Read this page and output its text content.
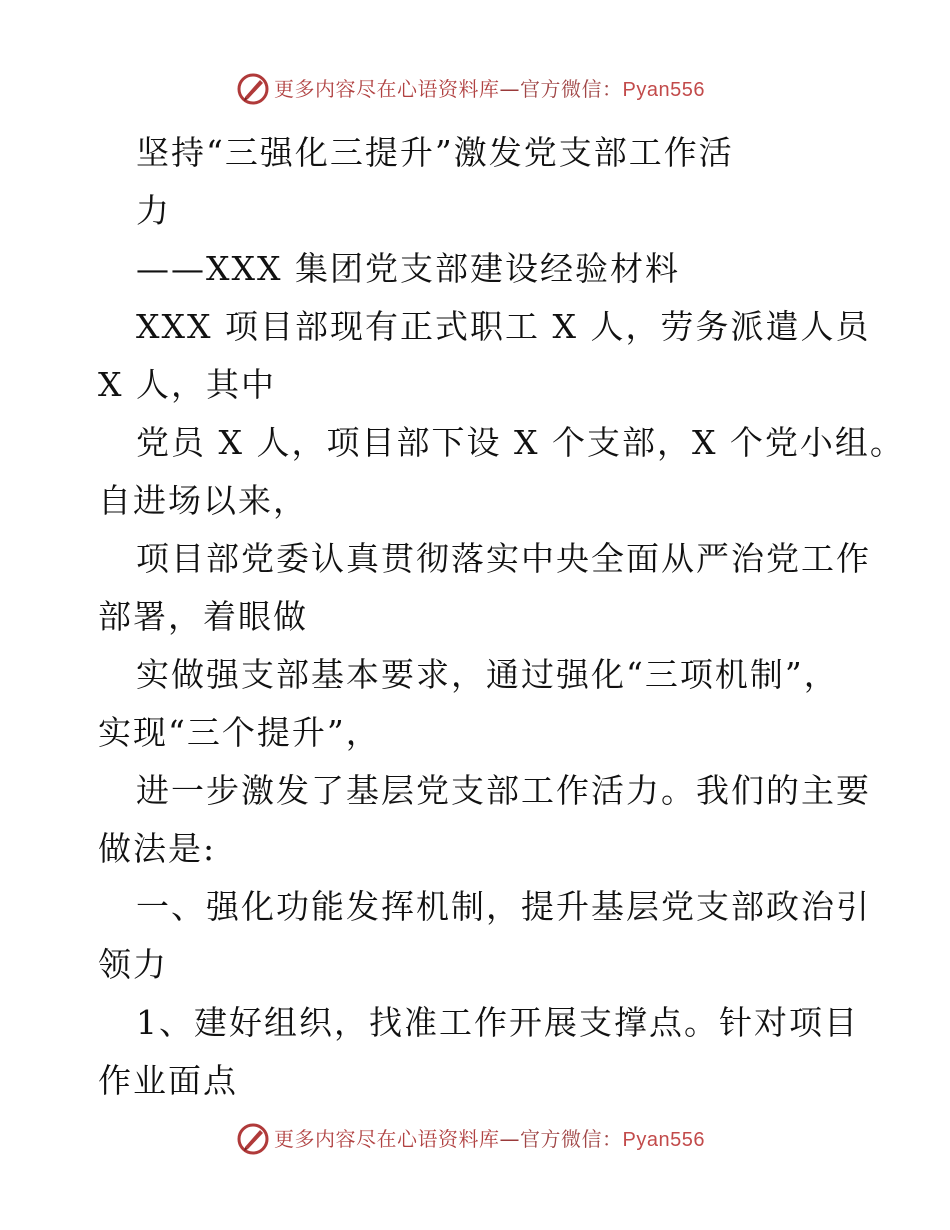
更多内容尽在心语资料库—官方微信：Pyan556
坚持“三强化三提升”激发党支部工作活
力
——XXX 集团党支部建设经验材料
XXX 项目部现有正式职工 X 人，劳务派遣人员
X 人，其中
党员 X 人，项目部下设 X 个支部，X 个党小组。
自进场以来，
项目部党委认真贯彻落实中央全面从严治党工作
部署，着眼做
实做强支部基本要求，通过强化“三项机制”，
实现“三个提升”，
进一步激发了基层党支部工作活力。我们的主要
做法是:
一、强化功能发挥机制，提升基层党支部政治引
领力
1、建好组织，找准工作开展支撑点。针对项目
作业面点
更多内容尽在心语资料库—官方微信：Pyan556
